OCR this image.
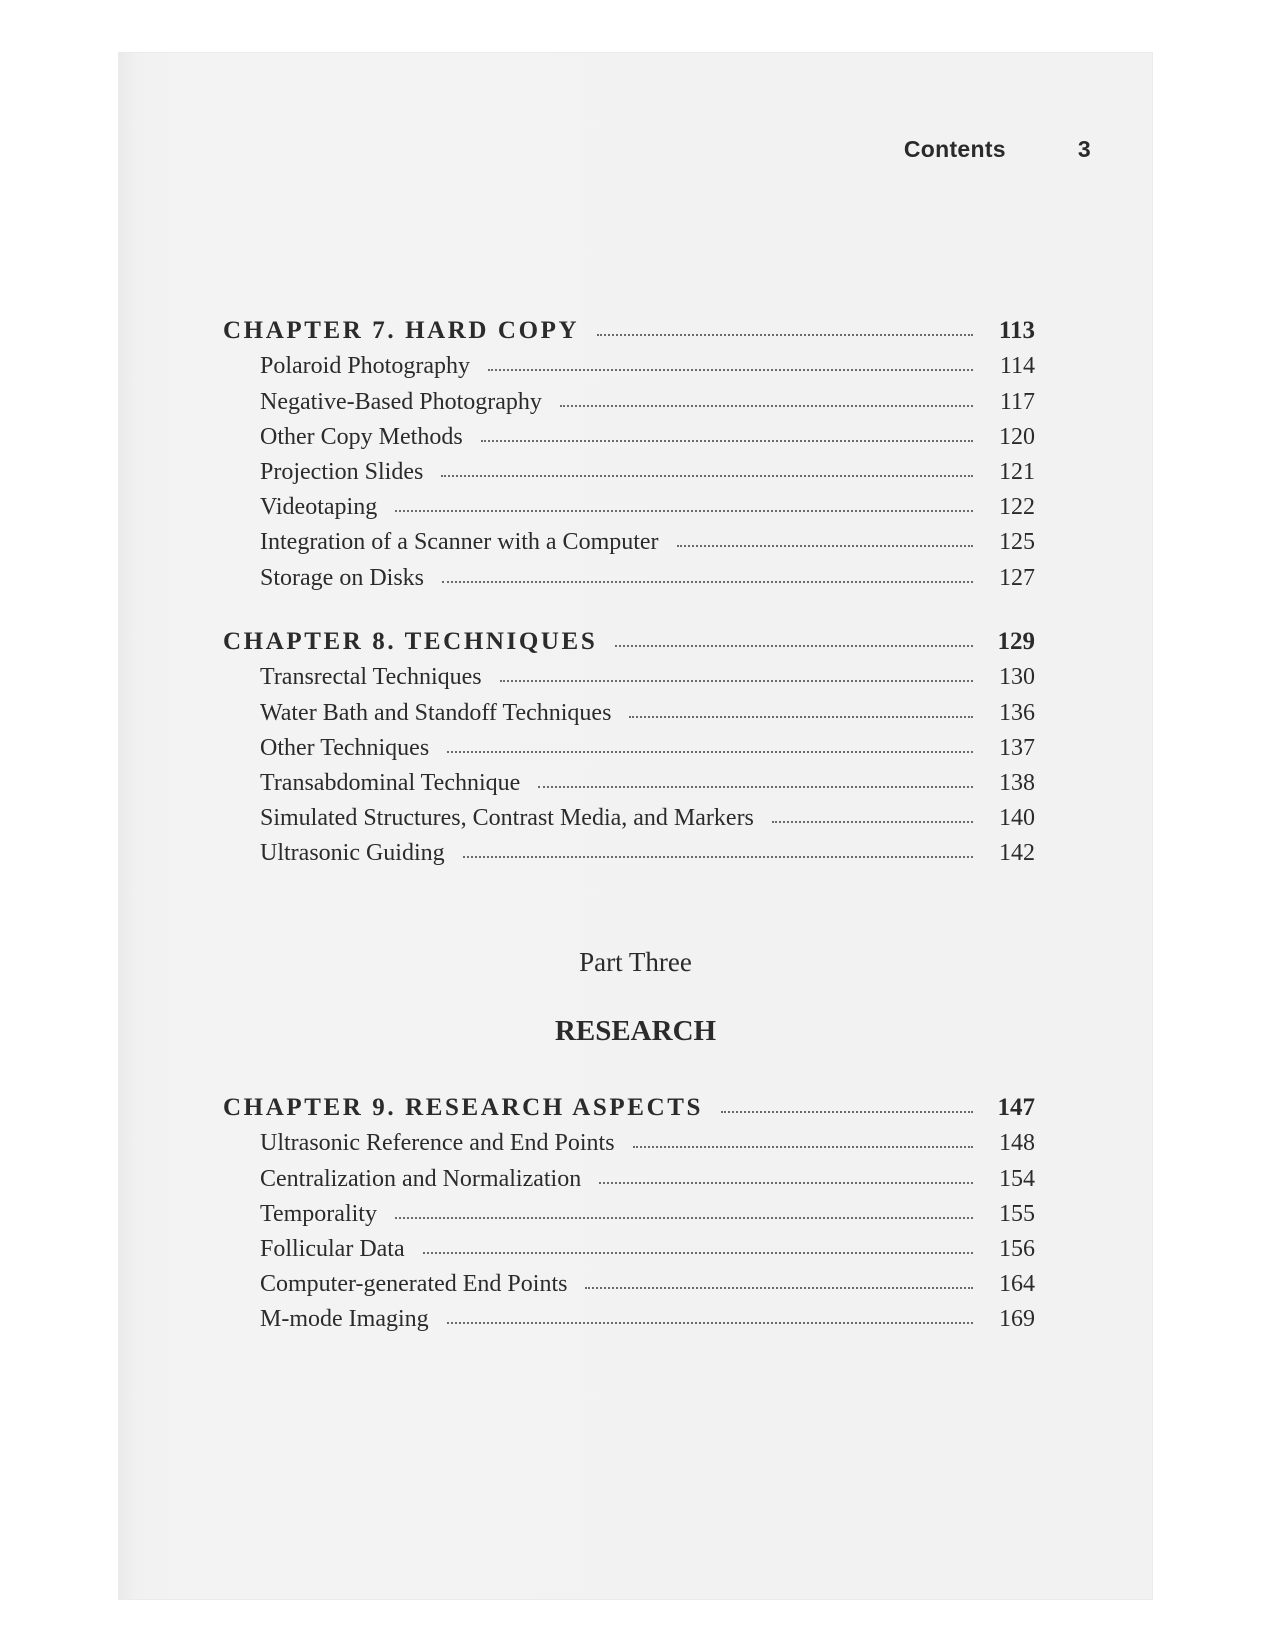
Contents	3
CHAPTER 7. HARD COPY	113
Polaroid Photography	114
Negative-Based Photography	117
Other Copy Methods	120
Projection Slides	121
Videotaping	122
Integration of a Scanner with a Computer	125
Storage on Disks	127
CHAPTER 8. TECHNIQUES	129
Transrectal Techniques	130
Water Bath and Standoff Techniques	136
Other Techniques	137
Transabdominal Technique	138
Simulated Structures, Contrast Media, and Markers	140
Ultrasonic Guiding	142
Part Three
RESEARCH
CHAPTER 9. RESEARCH ASPECTS	147
Ultrasonic Reference and End Points	148
Centralization and Normalization	154
Temporality	155
Follicular Data	156
Computer-generated End Points	164
M-mode Imaging	169
